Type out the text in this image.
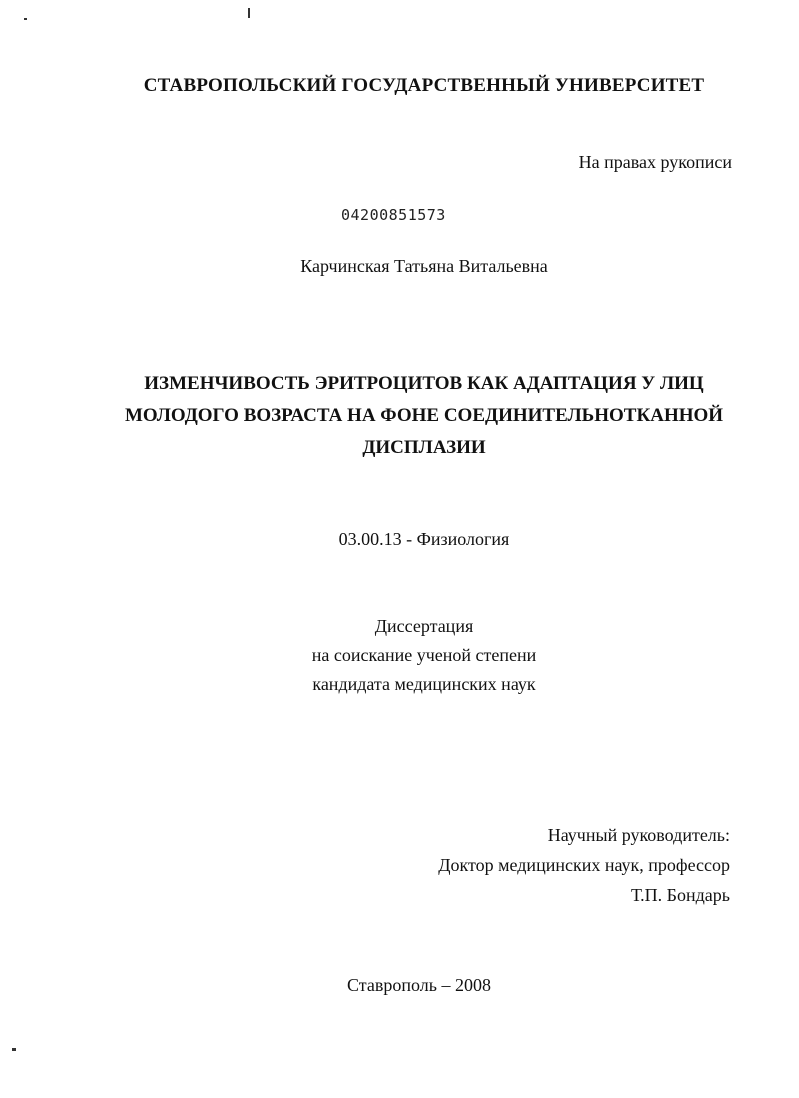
СТАВРОПОЛЬСКИЙ ГОСУДАРСТВЕННЫЙ УНИВЕРСИТЕТ
На правах рукописи
04200851573
Карчинская Татьяна Витальевна
ИЗМЕНЧИВОСТЬ ЭРИТРОЦИТОВ КАК АДАПТАЦИЯ У ЛИЦ
МОЛОДОГО ВОЗРАСТА НА ФОНЕ СОЕДИНИТЕЛЬНОТКАННОЙ
ДИСПЛАЗИИ
03.00.13 - Физиология
Диссертация
на соискание ученой степени
кандидата медицинских наук
Научный руководитель:
Доктор медицинских наук, профессор
Т.П. Бондарь
Ставрополь – 2008
